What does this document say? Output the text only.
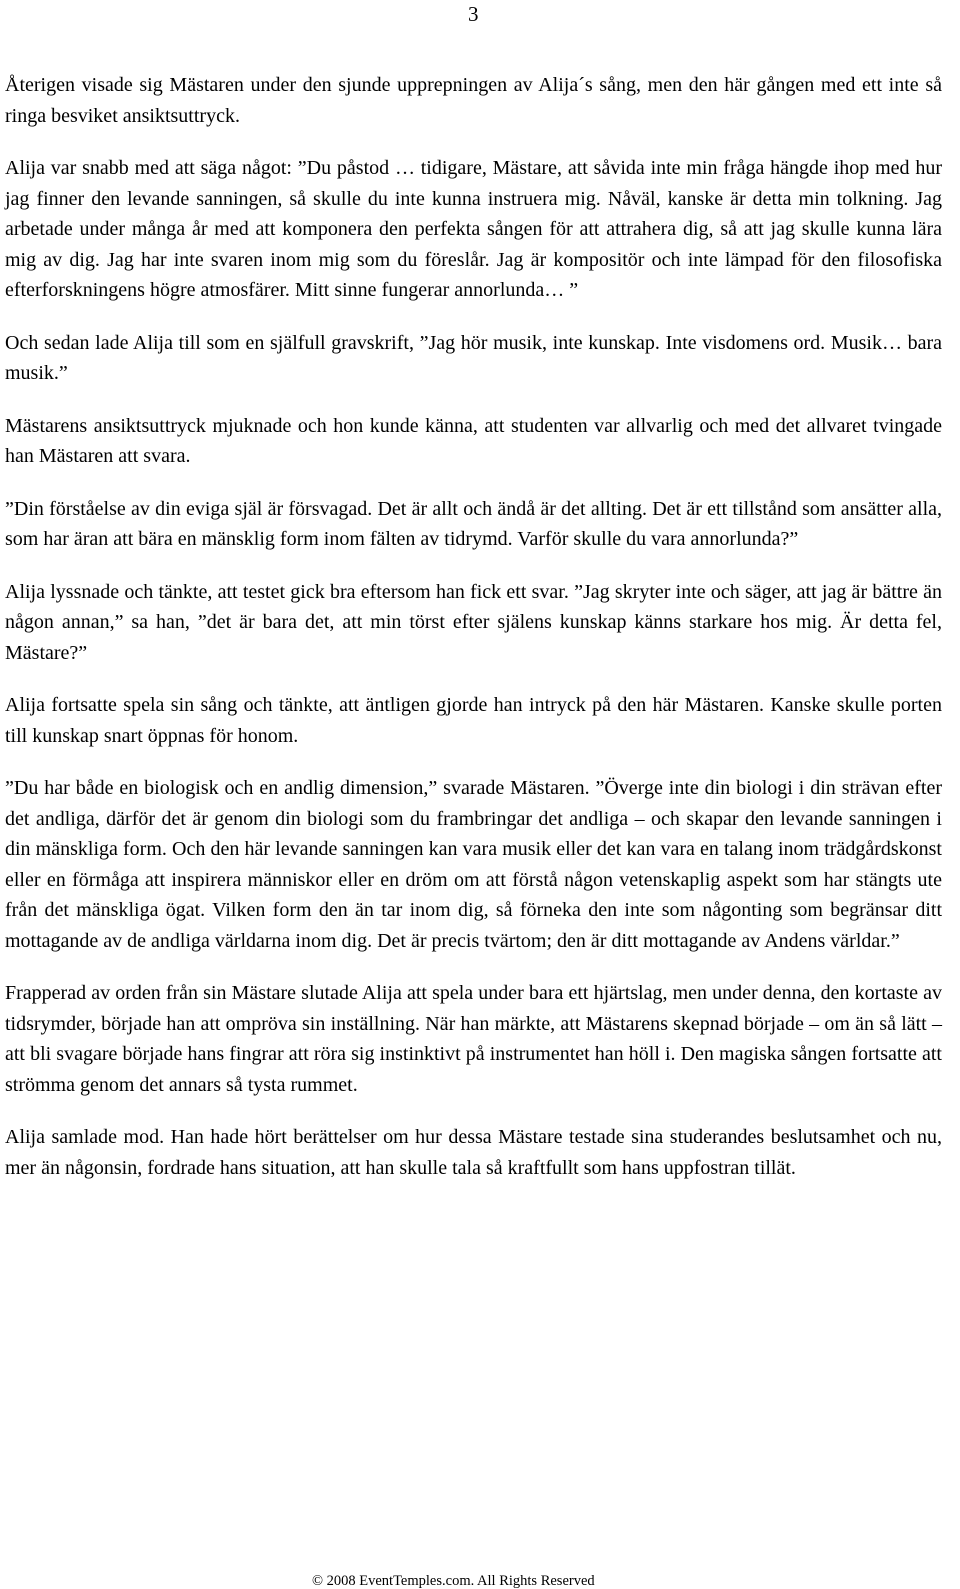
3

Återigen visade sig Mästaren under den sjunde upprepningen av Alija´s sång, men den här gången med ett inte så ringa besviket ansiktsuttryck.

Alija var snabb med att säga något: ”Du påstod … tidigare, Mästare, att såvida inte min fråga hängde ihop med hur jag finner den levande sanningen, så skulle du inte kunna instruera mig. Nåväl, kanske är detta min tolkning. Jag arbetade under många år med att komponera den perfekta sången för att attrahera dig, så att jag skulle kunna lära mig av dig. Jag har inte svaren inom mig som du föreslår. Jag är kompositör och inte lämpad för den filosofiska efterforskningens högre atmosfärer. Mitt sinne fungerar annorlunda… ”

Och sedan lade Alija till som en själfull gravskrift, ”Jag hör musik, inte kunskap. Inte visdomens ord. Musik… bara musik.”

Mästarens ansiktsuttryck mjuknade och hon kunde känna, att studenten var allvarlig och med det allvaret tvingade han Mästaren att svara.

”Din förståelse av din eviga själ är försvagad. Det är allt och ändå är det allting. Det är ett tillstånd som ansätter alla, som har äran att bära en mänsklig form inom fälten av tidrymd. Varför skulle du vara annorlunda?”

Alija lyssnade och tänkte, att testet gick bra eftersom han fick ett svar. ”Jag skryter inte och säger, att jag är bättre än någon annan,” sa han, ”det är bara det, att min törst efter själens kunskap känns starkare hos mig. Är detta fel, Mästare?”

Alija fortsatte spela sin sång och tänkte, att äntligen gjorde han intryck på den här Mästaren. Kanske skulle porten till kunskap snart öppnas för honom.

”Du har både en biologisk och en andlig dimension,” svarade Mästaren. ”Överge inte din biologi i din strävan efter det andliga, därför det är genom din biologi som du frambringar det andliga – och skapar den levande sanningen i din mänskliga form. Och den här levande sanningen kan vara musik eller det kan vara en talang inom trädgårdskonst eller en förmåga att inspirera människor eller en dröm om att förstå någon vetenskaplig aspekt som har stängts ute från det mänskliga ögat. Vilken form den än tar inom dig, så förneka den inte som någonting som begränsar ditt mottagande av de andliga världarna inom dig. Det är precis tvärtom; den är ditt mottagande av Andens världar.”

Frapperad av orden från sin Mästare slutade Alija att spela under bara ett hjärtslag, men under denna, den kortaste av tidsrymder, började han att ompröva sin inställning. När han märkte, att Mästarens skepnad började – om än så lätt – att bli svagare började hans fingrar att röra sig instinktivt på instrumentet han höll i. Den magiska sången fortsatte att strömma genom det annars så tysta rummet.

Alija samlade mod. Han hade hört berättelser om hur dessa Mästare testade sina studerandes beslutsamhet och nu, mer än någonsin, fordrade hans situation, att han skulle tala så kraftfullt som hans uppfostran tillät.

© 2008 EventTemples.com. All Rights Reserved
